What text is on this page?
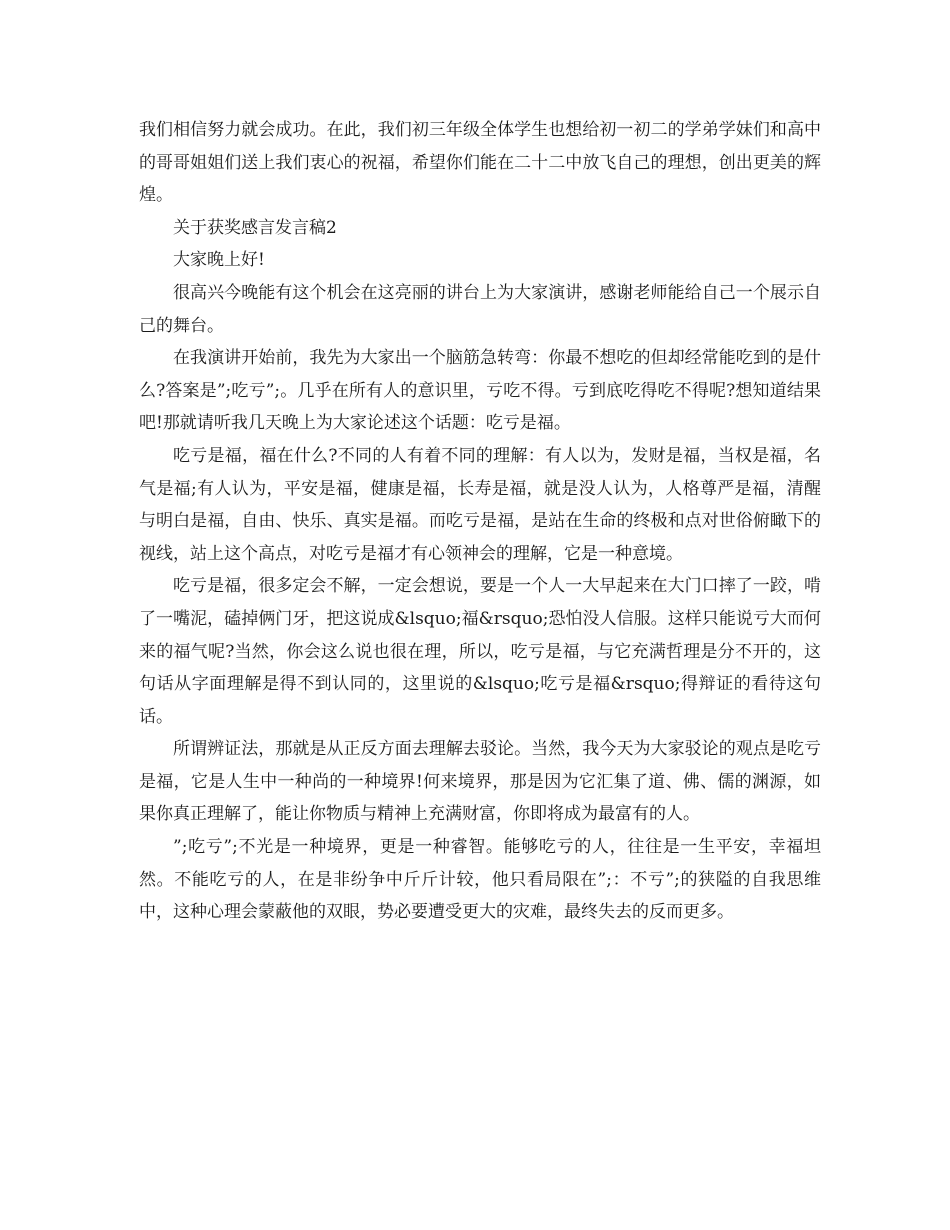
我们相信努力就会成功。在此，我们初三年级全体学生也想给初一初二的学弟学妹们和高中的哥哥姐姐们送上我们衷心的祝福，希望你们能在二十二中放飞自己的理想，创出更美的辉煌。

关于获奖感言发言稿2

大家晚上好!

很高兴今晚能有这个机会在这亮丽的讲台上为大家演讲，感谢老师能给自己一个展示自己的舞台。

在我演讲开始前，我先为大家出一个脑筋急转弯：你最不想吃的但却经常能吃到的是什么?答案是”;吃亏”;。几乎在所有人的意识里，亏吃不得。亏到底吃得吃不得呢?想知道结果吧!那就请听我几天晚上为大家论述这个话题：吃亏是福。

吃亏是福，福在什么?不同的人有着不同的理解：有人以为，发财是福，当权是福，名气是福;有人认为，平安是福，健康是福，长寿是福，就是没人认为，人格尊严是福，清醒与明白是福，自由、快乐、真实是福。而吃亏是福，是站在生命的终极和点对世俗俯瞰下的视线，站上这个高点，对吃亏是福才有心领神会的理解，它是一种意境。

吃亏是福，很多定会不解，一定会想说，要是一个人一大早起来在大门口摔了一跤，啃了一嘴泥，磕掉俩门牙，把这说成&lsquo;福&rsquo;恐怕没人信服。这样只能说亏大而何来的福气呢?当然，你会这么说也很在理，所以，吃亏是福，与它充满哲理是分不开的，这句话从字面理解是得不到认同的，这里说的&lsquo;吃亏是福&rsquo;得辩证的看待这句话。

所谓辨证法，那就是从正反方面去理解去驳论。当然，我今天为大家驳论的观点是吃亏是福，它是人生中一种尚的一种境界!何来境界，那是因为它汇集了道、佛、儒的渊源，如果你真正理解了，能让你物质与精神上充满财富，你即将成为最富有的人。

”;吃亏”;不光是一种境界，更是一种睿智。能够吃亏的人，往往是一生平安，幸福坦然。不能吃亏的人，在是非纷争中斤斤计较，他只看局限在”;：不亏”;的狭隘的自我思维中，这种心理会蒙蔽他的双眼，势必要遭受更大的灾难，最终失去的反而更多。
